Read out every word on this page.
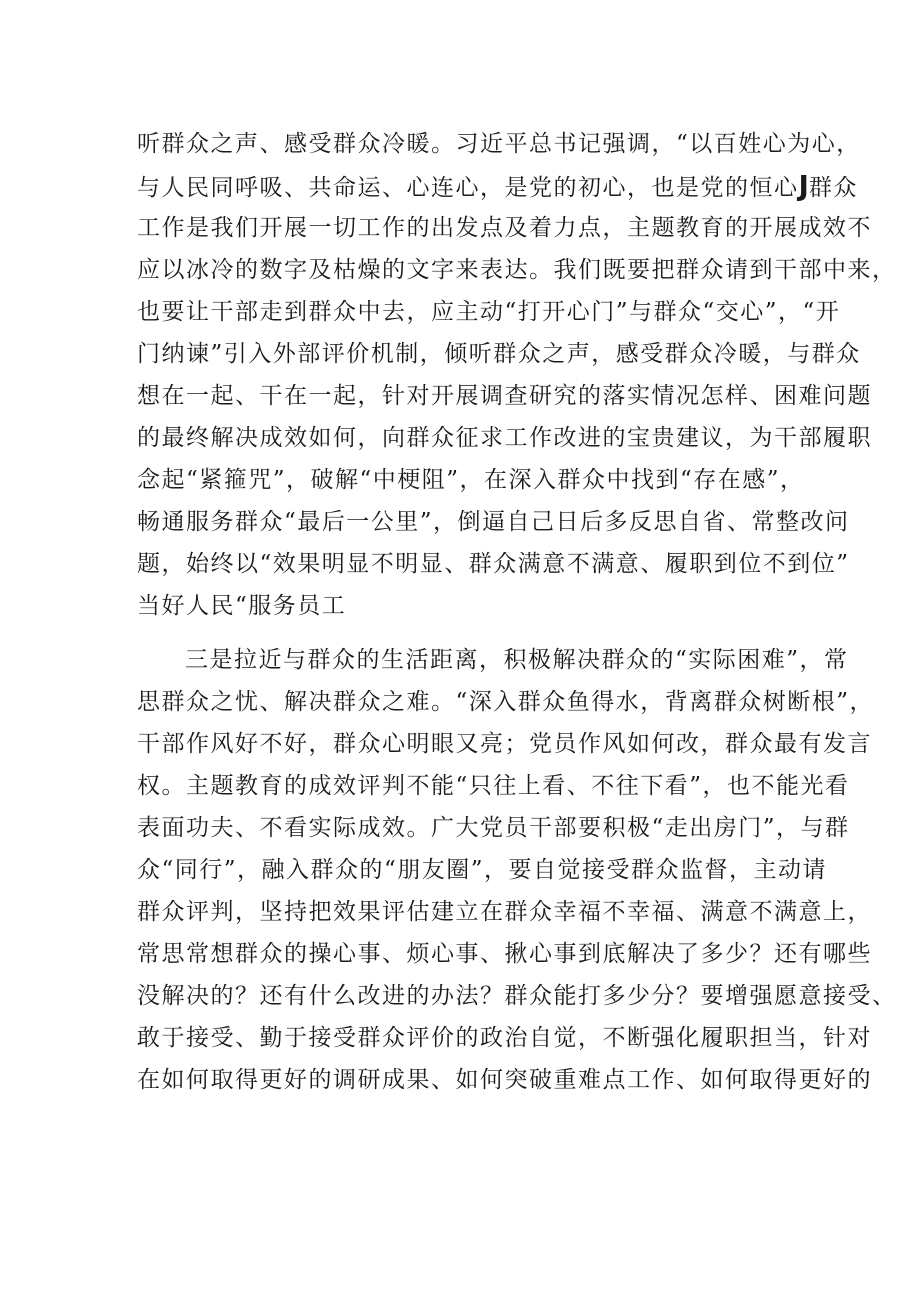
听群众之声、感受群众冷暖。习近平总书记强调，“以百姓心为心，
与人民同呼吸、共命运、心连心，是党的初心，也是党的恒心J群众
工作是我们开展一切工作的出发点及着力点，主题教育的开展成效不
应以冰冷的数字及枯燥的文字来表达。我们既要把群众请到干部中来，
也要让干部走到群众中去，应主动“打开心门”与群众“交心”，“开
门纳谏”引入外部评价机制，倾听群众之声，感受群众冷暖，与群众
想在一起、干在一起，针对开展调查研究的落实情况怎样、困难问题
的最终解决成效如何，向群众征求工作改进的宝贵建议，为干部履职
念起“紧箍咒”，破解“中梗阻”，在深入群众中找到“存在感”，
畅通服务群众“最后一公里”，倒逼自己日后多反思自省、常整改问
题，始终以“效果明显不明显、群众满意不满意、履职到位不到位”
当好人民“服务员工
三是拉近与群众的生活距离，积极解决群众的“实际困难”，常
思群众之忧、解决群众之难。“深入群众鱼得水，背离群众树断根”，
干部作风好不好，群众心明眼又亮；党员作风如何改，群众最有发言
权。主题教育的成效评判不能“只往上看、不往下看”，也不能光看
表面功夫、不看实际成效。广大党员干部要积极“走出房门”，与群
众“同行”，融入群众的“朋友圈”，要自觉接受群众监督，主动请
群众评判，坚持把效果评估建立在群众幸福不幸福、满意不满意上，
常思常想群众的操心事、烦心事、揪心事到底解决了多少？还有哪些
没解决的？还有什么改进的办法？群众能打多少分？要增强愿意接受、
敢于接受、勤于接受群众评价的政治自觉，不断强化履职担当，针对
在如何取得更好的调研成果、如何突破重难点工作、如何取得更好的
